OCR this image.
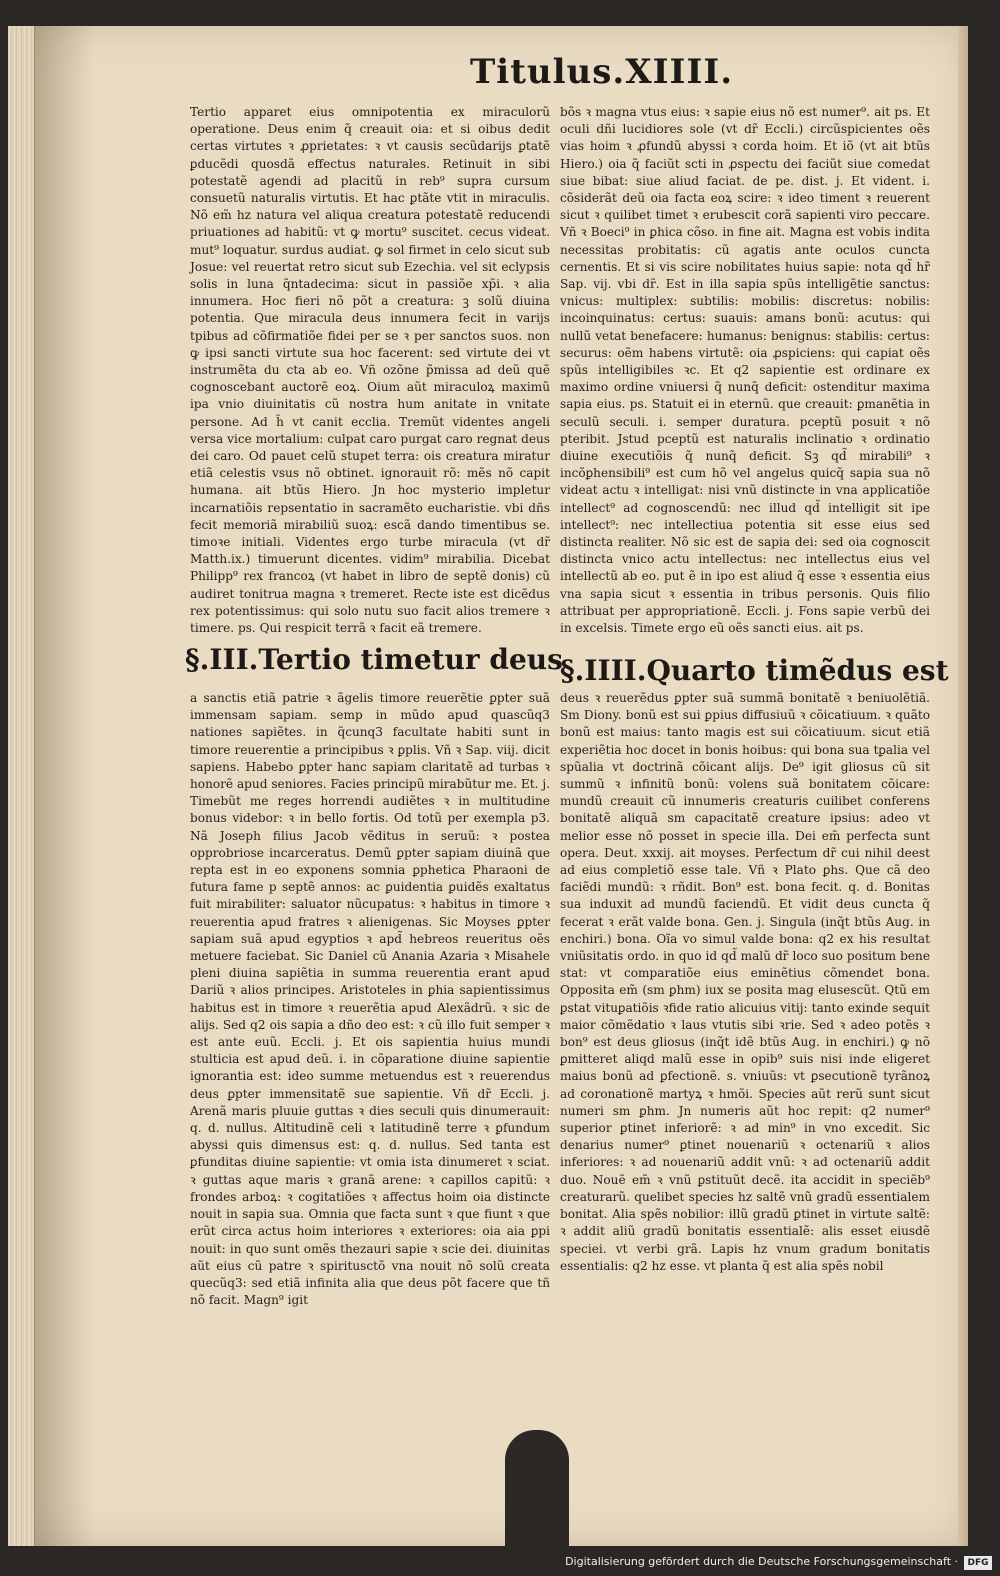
Titulus.XIIII.

Tertio apparet eius omnipotentia ex miraculorũ operatione. Deus enim q̃ creauit oia: et si oibus dedit certas virtutes ꝛ ꝓprietates: ꝛ vt causis secũdarijs ꝑtatẽ ꝑducẽdi quosdã effectus naturales. Retinuit in sibi potestatẽ agendi ad placitũ in reb⁹ supra cursum consuetũ naturalis virtutis. Et hac ꝑtãte vtit in miraculis. Nõ em̃ hz natura vel aliqua creatura potestatẽ reducendi priuationes ad habitũ: vt ꝙ mortu⁹ suscitet. cecus videat. mut⁹ loquatur. surdus audiat. ꝙ sol firmet in celo sicut sub Josue: vel reuertat retro sicut sub Ezechia. vel sit eclypsis solis in luna q̃ntadecima: sicut in passiõe xp̃i. ꝛ alia innumera. Hoc fieri nõ põt a creatura: ꝫ solũ diuina potentia. Que miracula deus innumera fecit in varijs tpibus ad cõfirmatiõe fidei per se ꝛ per sanctos suos. non ꝙ ipsi sancti virtute sua hoc facerent: sed virtute dei vt instrumẽta du cta ab eo. Vñ ozõne p̃missa ad deũ quẽ cognoscebant auctorẽ eoꝝ. Oium aũt miraculoꝝ maximũ ipa vnio diuinitatis cũ nostra hum anitate in vnitate persone. Ad h̃ vt canit ecclia. Tremũt videntes angeli versa vice mortalium: culpat caro purgat caro regnat deus dei caro. Od pauet celũ stupet terra: ois creatura miratur etiã celestis vsus nõ obtinet. ignorauit rõ: mẽs nõ capit humana. ait btũs Hiero. Jn hoc mysterio impletur incarnatiõis repsentatio in sacramẽto eucharistie. vbi dñs fecit memoriã mirabiliũ suoꝝ: escã dando timentibus se. timoꝛe initiali. Videntes ergo turbe miracula (vt dr̃ Matth.ix.) timuerunt dicentes. vidim⁹ mirabilia. Dicebat Philipp⁹ rex francoꝝ (vt habet in libro de septẽ donis) cũ audiret tonitrua magna ꝛ tremeret. Recte iste est dicẽdus rex potentissimus: qui solo nutu suo facit alios tremere ꝛ timere. ps. Qui respicit terrã ꝛ facit eã tremere.

bõs ꝛ magna vtus eius: ꝛ sapie eius nõ est numer⁹. ait ps. Et oculi dñi lucidiores sole (vt dr̃ Eccli.) circũspicientes oẽs vias hoim ꝛ ꝓfundũ abyssi ꝛ corda hoim. Et iõ (vt ait btũs Hiero.) oia q̃ faciũt scti in ꝓspectu dei faciũt siue comedat siue bibat: siue aliud faciat. de pe. dist. j. Et vident. i. cõsiderãt deũ oia facta eoꝝ scire: ꝛ ideo timent ꝛ reuerent sicut ꝛ quilibet timet ꝛ erubescit corã sapienti viro peccare. Vñ ꝛ Boeci⁹ in ꝑhica cõso. in fine ait. Magna est vobis indita necessitas probitatis: cũ agatis ante oculos cuncta cernentis. Et si vis scire nobilitates huius sapie: nota qd̃ hr̃ Sap. vij. vbi dr̃. Est in illa sapia spũs intelligẽtie sanctus: vnicus: multiplex: subtilis: mobilis: discretus: nobilis: incoinquinatus: certus: suauis: amans bonũ: acutus: qui nullũ vetat benefacere: humanus: benignus: stabilis: certus: securus: oẽm habens virtutẽ: oia ꝓspiciens: qui capiat oẽs spũs intelligibiles ꝛc. Et q2 sapientie est ordinare ex maximo ordine vniuersi q̃ nunq̃ deficit: ostenditur maxima sapia eius. ps. Statuit ei in eternũ. que creauit: ꝑmanẽtia in seculũ seculi. i. semper duratura. pceptũ posuit ꝛ nõ pteribit. Jstud pceptũ est naturalis inclinatio ꝛ ordinatio diuine executiõis q̃ nunq̃ deficit. Sꝫ qd̃ mirabili⁹ ꝛ incõꝑhensibili⁹ est cum hõ vel angelus quicq̃ sapia sua nõ videat actu ꝛ intelligat: nisi vnũ distincte in vna applicatiõe intellect⁹ ad cognoscendũ: nec illud qd̃ intelligit sit ipe intellect⁹: nec intellectiua potentia sit esse eius sed distincta realiter. Nõ sic est de sapia dei: sed oia cognoscit distincta vnico actu intellectus: nec intellectus eius vel intellectũ ab eo. put ẽ in ipo est aliud q̃ esse ꝛ essentia eius vna sapia sicut ꝛ essentia in tribus personis. Quis filio attribuat per appropriationẽ. Eccli. j. Fons sapie verbũ dei in excelsis. Timete ergo eũ oẽs sancti eius. ait ps.

§.III.Tertio timetur deus
§.IIII.Quarto timẽdus est

a sanctis etiã patrie ꝛ ãgelis timore reuerẽtie ꝑpter suã immensam sapiam. semp in mũdo apud quascũq3 nationes sapiẽtes. in q̃cunq3 facultate habiti sunt in timore reuerentie a principibus ꝛ ꝑplis. Vñ ꝛ Sap. viij. dicit sapiens. Habebo ꝑpter hanc sapiam claritatẽ ad turbas ꝛ honorẽ apud seniores. Facies principũ mirabũtur me. Et. j. Timebũt me reges horrendi audiẽtes ꝛ in multitudine bonus videbor: ꝛ in bello fortis. Od totũ per exempla p3. Nã Joseph filius Jacob vẽditus in seruũ: ꝛ postea opprobriose incarceratus. Demũ ꝑpter sapiam diuinã que repta est in eo exponens somnia ꝑphetica Pharaoni de futura fame p septẽ annos: ac ꝑuidentia ꝑuidẽs exaltatus fuit mirabiliter: saluator nũcupatus: ꝛ habitus in timore ꝛ reuerentia apud fratres ꝛ alienigenas. Sic Moyses ꝑpter sapiam suã apud egyptios ꝛ apd̃ hebreos reueritus oẽs metuere faciebat. Sic Daniel cũ Anania Azaria ꝛ Misahele pleni diuina sapiẽtia in summa reuerentia erant apud Dariũ ꝛ alios principes. Aristoteles in ꝑhia sapientissimus habitus est in timore ꝛ reuerẽtia apud Alexãdrũ. ꝛ sic de alijs. Sed q2 ois sapia a dño deo est: ꝛ cũ illo fuit semper ꝛ est ante euũ. Eccli. j. Et ois sapientia huius mundi stulticia est apud deũ. i. in cõparatione diuine sapientie ignorantia est: ideo summe metuendus est ꝛ reuerendus deus ꝑpter immensitatẽ sue sapientie. Vñ dr̃ Eccli. j. Arenã maris pluuie guttas ꝛ dies seculi quis dinumerauit: q. d. nullus. Altitudinẽ celi ꝛ latitudinẽ terre ꝛ ꝑfundum abyssi quis dimensus est: q. d. nullus. Sed tanta est ꝑfunditas diuine sapientie: vt omia ista dinumeret ꝛ sciat. ꝛ guttas aque maris ꝛ granã arene: ꝛ capillos capitũ: ꝛ frondes arboꝝ: ꝛ cogitatiões ꝛ affectus hoim oia distincte nouit in sapia sua. Omnia que facta sunt ꝛ que fiunt ꝛ que erũt circa actus hoim interiores ꝛ exteriores: oia aia ꝑpi nouit: in quo sunt omẽs thezauri sapie ꝛ scie dei. diuinitas aũt eius cũ patre ꝛ spiritusctõ vna nouit nõ solũ creata quecũq3: sed etiã infinita alia que deus põt facere que tñ nõ facit. Magn⁹ igit

deus ꝛ reuerẽdus ꝑpter suã summã bonitatẽ ꝛ beniuolẽtiã. Sm Diony. bonũ est sui ꝑpius diffusiuũ ꝛ cõicatiuum. ꝛ quãto bonũ est maius: tanto magis est sui cõicatiuum. sicut etiã experiẽtia hoc docet in bonis hoibus: qui bona sua tꝑalia vel spũalia vt doctrinã cõicant alijs. De⁹ igit gliosus cũ sit summũ ꝛ infinitũ bonũ: volens suã bonitatem cõicare: mundũ creauit cũ innumeris creaturis cuilibet conferens bonitatẽ aliquã sm capacitatẽ creature ipsius: adeo vt melior esse nõ posset in specie illa. Dei em̃ perfecta sunt opera. Deut. xxxij. ait moyses. Perfectum dr̃ cui nihil deest ad eius completiõ esse tale. Vñ ꝛ Plato ꝑhs. Que cã deo faciẽdi mundũ: ꝛ rñdit. Bon⁹ est. bona fecit. q. d. Bonitas sua induxit ad mundũ faciendũ. Et vidit deus cuncta q̃ fecerat ꝛ erãt valde bona. Gen. j. Singula (inq̃t btũs Aug. in enchiri.) bona. Oĩa vo simul valde bona: q2 ex his resultat vniũsitatis ordo. in quo id qd̃ malũ dr̃ loco suo positum bene stat: vt comparatiõe eius eminẽtius cõmendet bona. Opposita em̃ (sm ꝑhm) iux se posita mag elusescũt. Qtũ em ꝑstat vituꝑatiõis ꝛfide ratio alicuius vitij: tanto exinde sequit maior cõmẽdatio ꝛ laus vtutis sibi ꝛrie. Sed ꝛ adeo potẽs ꝛ bon⁹ est deus gliosus (inq̃t idẽ btũs Aug. in enchiri.) ꝙ nõ ꝑmitteret aliqd malũ esse in opib⁹ suis nisi inde eligeret maius bonũ ad ꝑfectionẽ. s. vniuũs: vt ꝑsecutionẽ tyrãnoꝝ ad coronationẽ martyꝝ ꝛ hmõi. Species aũt rerũ sunt sicut numeri sm ꝑhm. Jn numeris aũt hoc repit: q2 numer⁹ superior ꝑtinet inferiorẽ: ꝛ ad min⁹ in vno excedit. Sic denarius numer⁹ ꝑtinet nouenariũ ꝛ octenariũ ꝛ alios inferiores: ꝛ ad nouenariũ addit vnũ: ꝛ ad octenariũ addit duo. Nouẽ em̃ ꝛ vnũ ꝑstituũt decẽ. ita accidit in speciẽb⁹ creaturarũ. quelibet species hz saltẽ vnũ gradũ essentialem bonitat. Alia spẽs nobilior: illũ gradũ ꝑtinet in virtute saltẽ: ꝛ addit aliũ gradũ bonitatis essentialẽ: alis esset eiusdẽ speciei. vt verbi grã. Lapis hz vnum gradum bonitatis essentialis: q2 hz esse. vt planta q̃ est alia spẽs nobil

Digitalisierung gefördert durch die Deutsche Forschungsgemeinschaft ·	DFG
